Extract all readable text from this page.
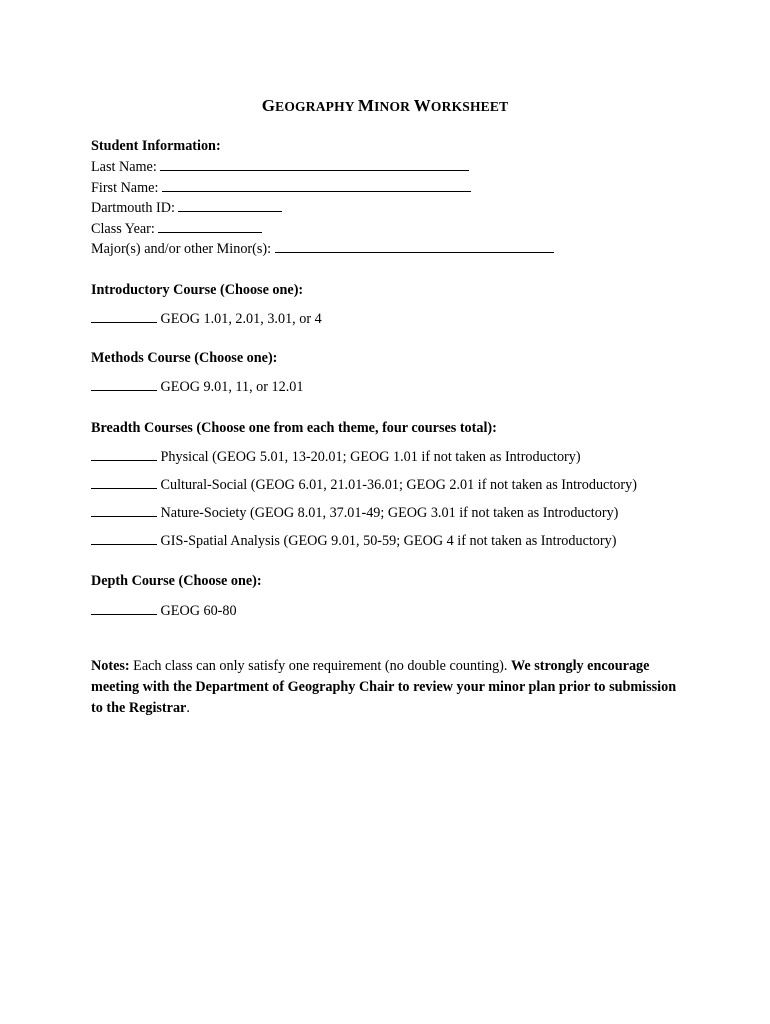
GEOGRAPHY MINOR WORKSHEET
Student Information:
Last Name:
First Name:
Dartmouth ID:
Class Year:
Major(s) and/or other Minor(s):
Introductory Course (Choose one):
GEOG 1.01, 2.01, 3.01, or 4
Methods Course (Choose one):
GEOG 9.01, 11, or 12.01
Breadth Courses (Choose one from each theme, four courses total):
Physical (GEOG 5.01, 13-20.01; GEOG 1.01 if not taken as Introductory)
Cultural-Social (GEOG 6.01, 21.01-36.01; GEOG 2.01 if not taken as Introductory)
Nature-Society (GEOG 8.01, 37.01-49; GEOG 3.01 if not taken as Introductory)
GIS-Spatial Analysis (GEOG 9.01, 50-59; GEOG 4 if not taken as Introductory)
Depth Course (Choose one):
GEOG 60-80
Notes: Each class can only satisfy one requirement (no double counting). We strongly encourage meeting with the Department of Geography Chair to review your minor plan prior to submission to the Registrar.
